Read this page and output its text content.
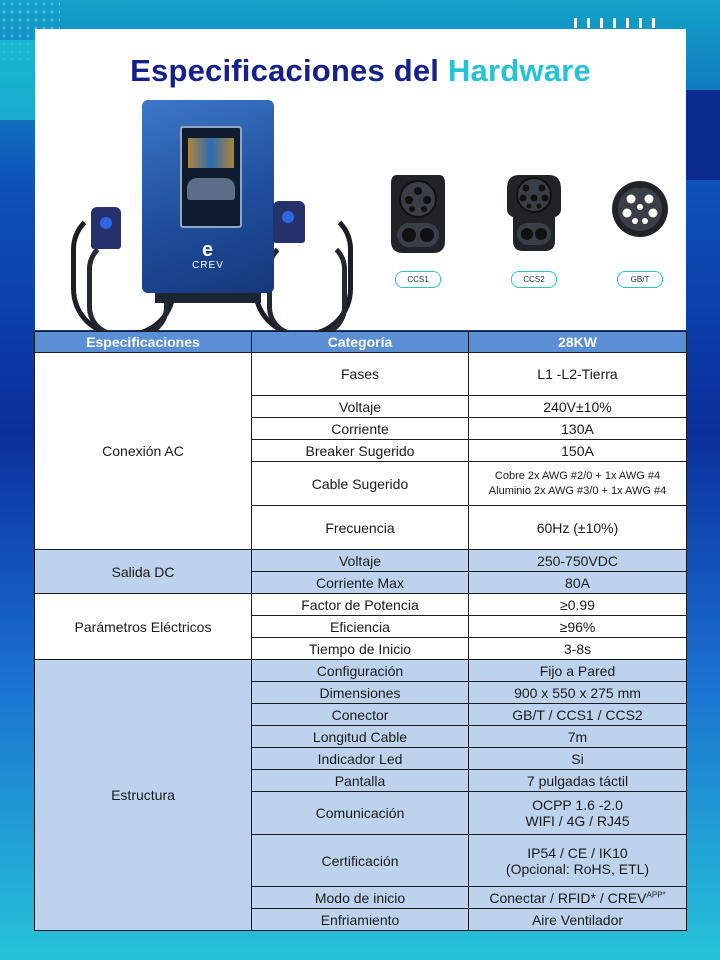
Especificaciones del Hardware
e
CREV
CCS1	CCS2	GB/T
Especificaciones	Categoría	28KW
Conexión AC	Fases	L1 -L2-Tierra
	Voltaje	240V±10%
	Corriente	130A
	Breaker Sugerido	150A
	Cable Sugerido	Cobre 2x AWG #2/0 + 1x AWG #4
Aluminio 2x AWG #3/0 + 1x AWG #4
	Frecuencia	60Hz (±10%)
Salida DC	Voltaje	250-750VDC
	Corriente Max	80A
Parámetros Eléctricos	Factor de Potencia	≥0.99
	Eficiencia	≥96%
	Tiempo de Inicio	3-8s
Estructura	Configuración	Fijo a Pared
	Dimensiones	900 x 550 x 275 mm
	Conector	GB/T / CCS1 / CCS2
	Longitud Cable	7m
	Indicador Led	Si
	Pantalla	7 pulgadas táctil
	Comunicación	OCPP 1.6 -2.0
WIFI / 4G / RJ45
	Certificación	IP54 / CE / IK10
(Opcional: RoHS, ETL)
	Modo de inicio	Conectar / RFID* / $CREV^{APP*}$
	Enfriamiento	Aire Ventilador
